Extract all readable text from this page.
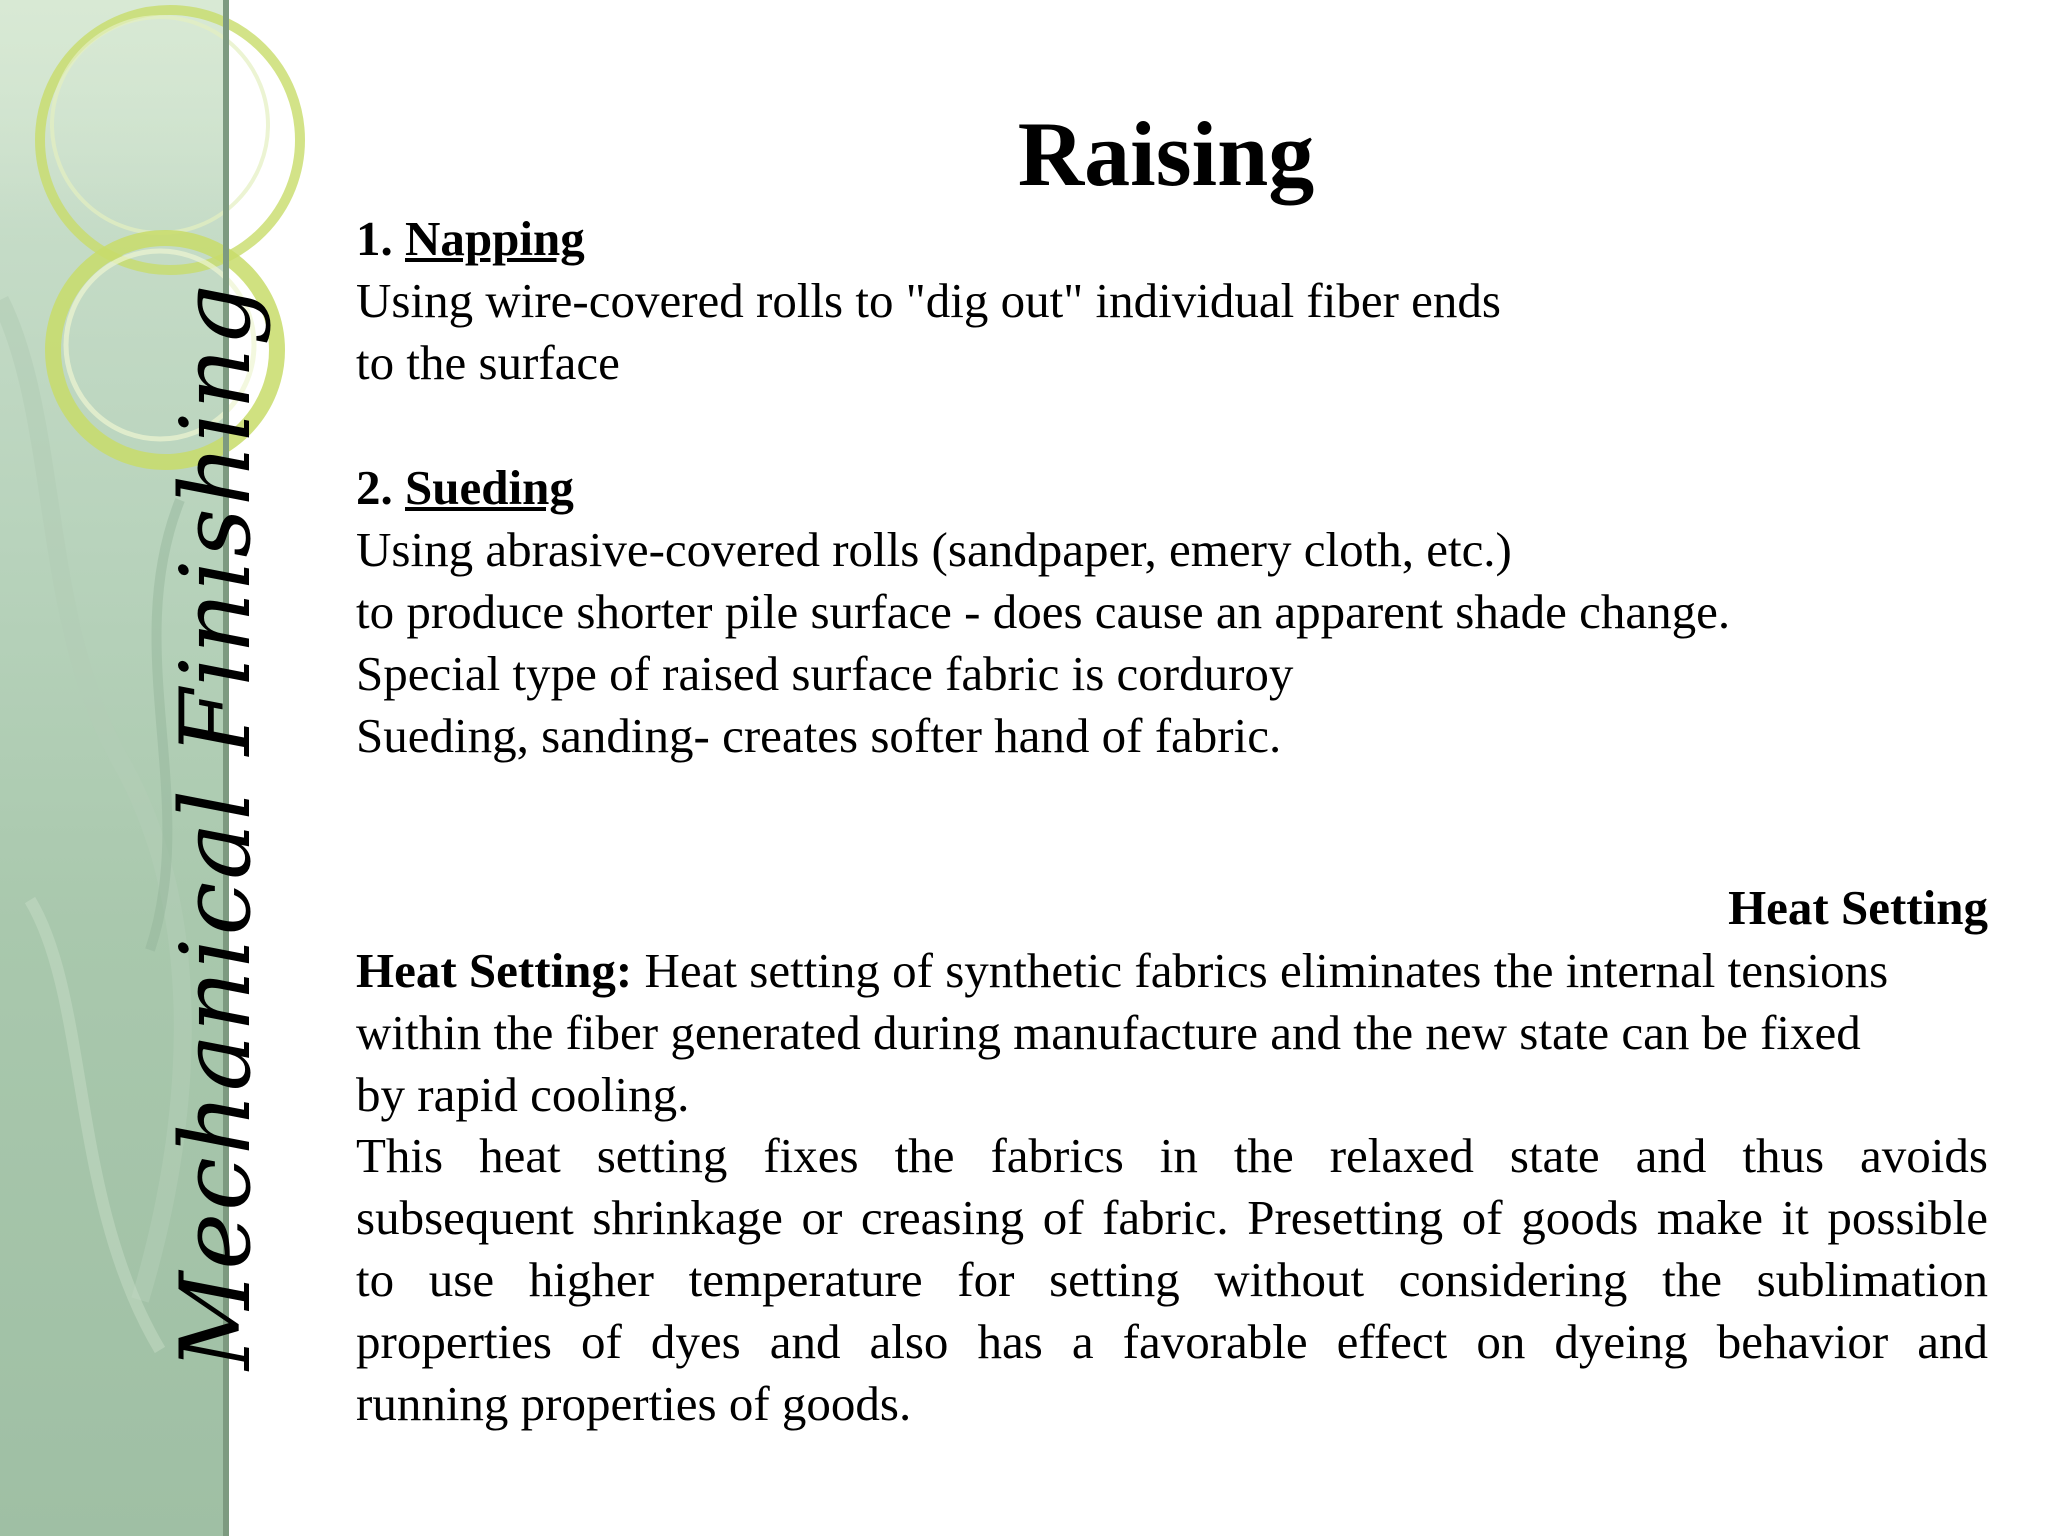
Mechanical Finishing
Raising
1. Napping
Using wire-covered rolls to "dig out" individual fiber ends
to the surface
2. Sueding
Using abrasive-covered rolls (sandpaper, emery cloth, etc.)
to produce shorter pile surface - does cause an apparent shade change.
Special type of raised surface fabric is corduroy
Sueding, sanding- creates softer hand of fabric.
Heat Setting
Heat Setting: Heat setting of synthetic fabrics eliminates the internal tensions
within the fiber generated during manufacture and the new state can be fixed
by rapid cooling.
This heat setting fixes the fabrics in the relaxed state and thus avoids
subsequent shrinkage or creasing of fabric. Presetting of goods make it possible
to use higher temperature for setting without considering the sublimation
properties of dyes and also has a favorable effect on dyeing behavior and
running properties of goods.
